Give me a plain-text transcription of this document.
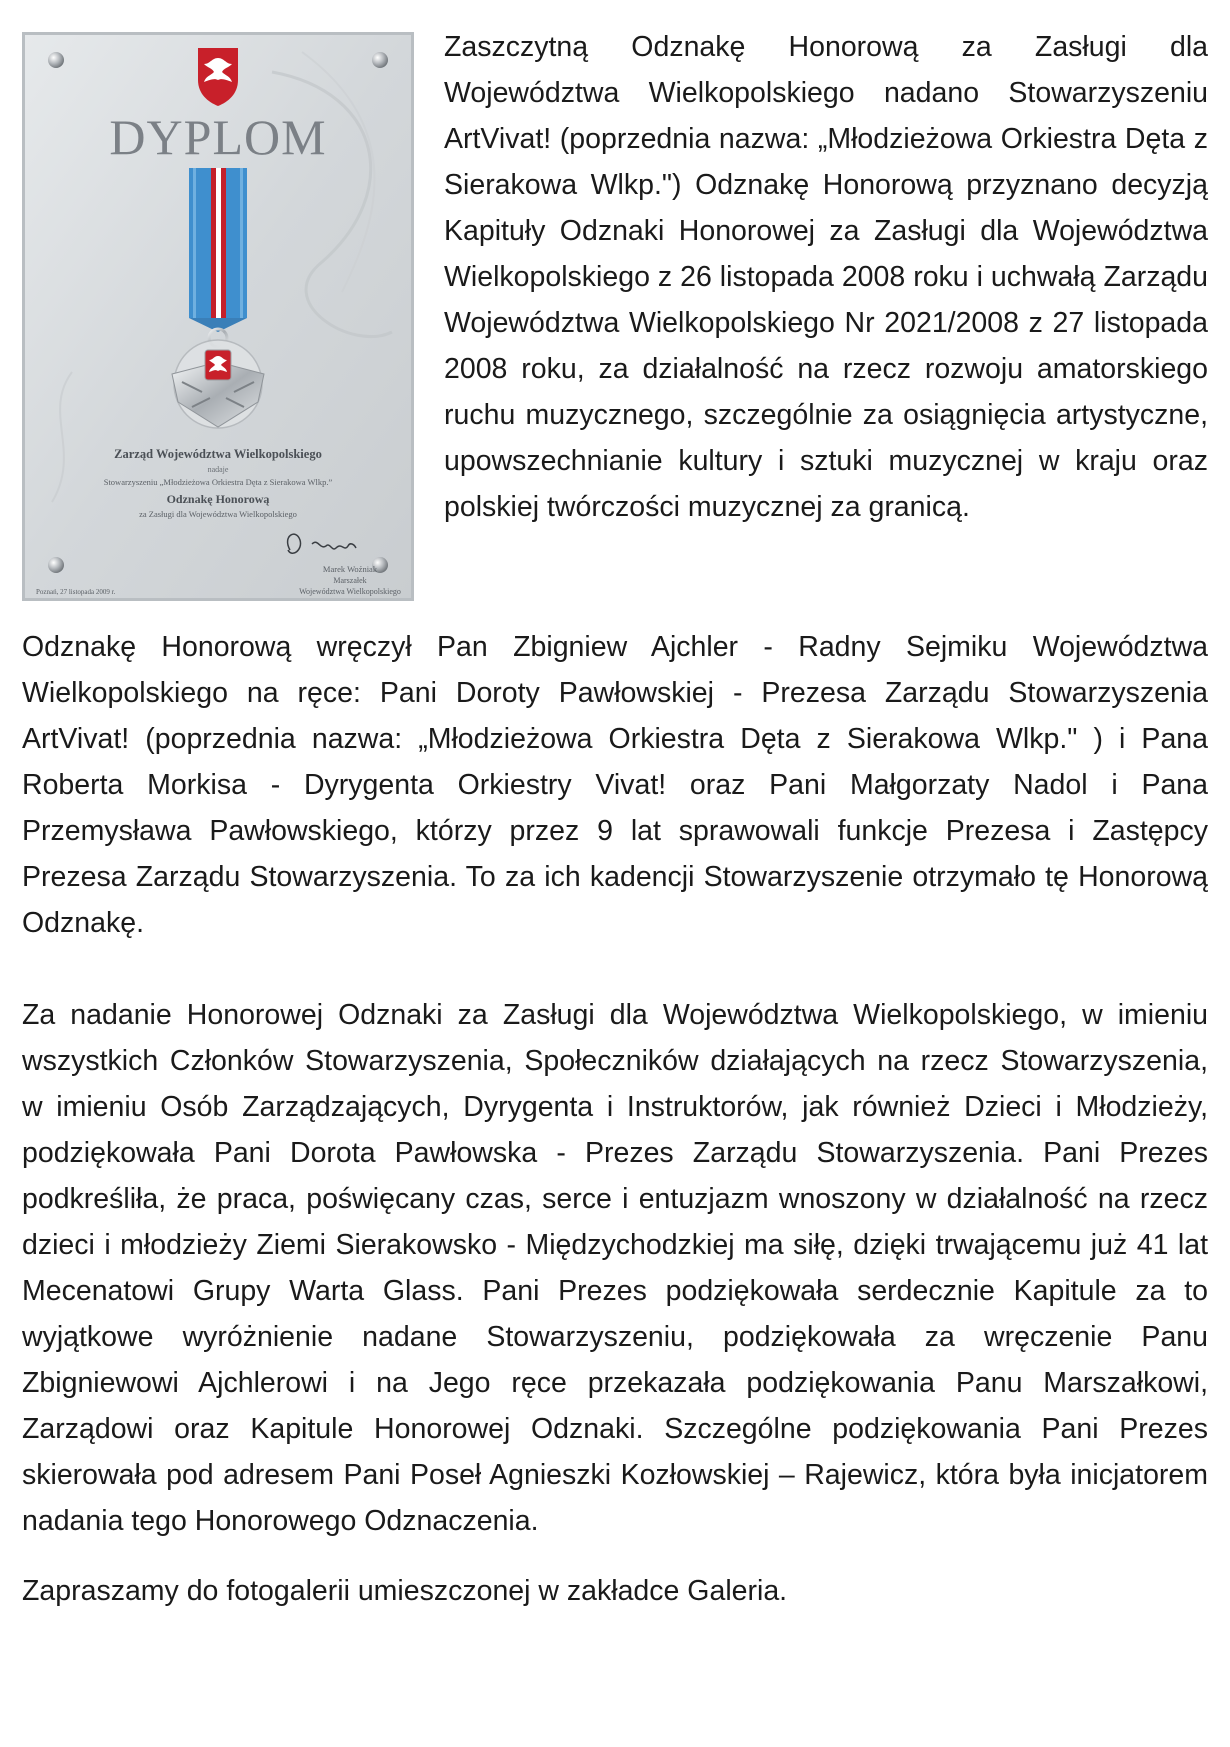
DYPLOM
Zarząd Województwa Wielkopolskiego
nadaje
Stowarzyszeniu „Młodzieżowa Orkiestra Dęta z Sierakowa Wlkp.”
Odznakę Honorową
za Zasługi dla Województwa Wielkopolskiego
Marek Woźniak
Marszałek
Województwa Wielkopolskiego
Poznań, 27 listopada 2009 r.

Zaszczytną Odznakę Honorową za Zasługi dla Województwa Wielkopolskiego nadano Stowarzyszeniu ArtVivat! (poprzednia nazwa: „Młodzieżowa Orkiestra Dęta z Sierakowa Wlkp.") Odznakę Honorową przyznano decyzją Kapituły Odznaki Honorowej za Zasługi dla Województwa Wielkopolskiego z 26 listopada 2008 roku i uchwałą Zarządu Województwa Wielkopolskiego Nr 2021/2008 z 27 listopada 2008 roku, za działalność na rzecz rozwoju amatorskiego ruchu muzycznego, szczególnie za osiągnięcia artystyczne, upowszechnianie kultury i sztuki muzycznej w kraju oraz polskiej twórczości muzycznej za granicą.

Odznakę Honorową wręczył Pan Zbigniew Ajchler - Radny Sejmiku Województwa Wielkopolskiego na ręce: Pani Doroty Pawłowskiej - Prezesa Zarządu Stowarzyszenia ArtVivat! (poprzednia nazwa: „Młodzieżowa Orkiestra Dęta z Sierakowa Wlkp." ) i Pana Roberta Morkisa - Dyrygenta Orkiestry Vivat! oraz Pani Małgorzaty Nadol i Pana Przemysława Pawłowskiego, którzy przez 9 lat sprawowali funkcje Prezesa i Zastępcy Prezesa Zarządu Stowarzyszenia. To za ich kadencji Stowarzyszenie otrzymało tę Honorową Odznakę.

Za nadanie Honorowej Odznaki za Zasługi dla Województwa Wielkopolskiego, w imieniu wszystkich Członków Stowarzyszenia, Społeczników działających na rzecz Stowarzyszenia, w imieniu Osób Zarządzających, Dyrygenta i Instruktorów, jak również Dzieci i Młodzieży, podziękowała Pani Dorota Pawłowska - Prezes Zarządu Stowarzyszenia. Pani Prezes podkreśliła, że praca, poświęcany czas, serce i entuzjazm wnoszony w działalność na rzecz dzieci i młodzieży Ziemi Sierakowsko - Międzychodzkiej ma siłę, dzięki trwającemu już 41 lat Mecenatowi Grupy Warta Glass. Pani Prezes podziękowała serdecznie Kapitule za to wyjątkowe wyróżnienie nadane Stowarzyszeniu, podziękowała za wręczenie Panu Zbigniewowi Ajchlerowi i na Jego ręce przekazała podziękowania Panu Marszałkowi, Zarządowi oraz Kapitule Honorowej Odznaki. Szczególne podziękowania Pani Prezes skierowała pod adresem Pani Poseł Agnieszki Kozłowskiej – Rajewicz, która była inicjatorem nadania tego Honorowego Odznaczenia.

Zapraszamy do fotogalerii umieszczonej w zakładce Galeria.
